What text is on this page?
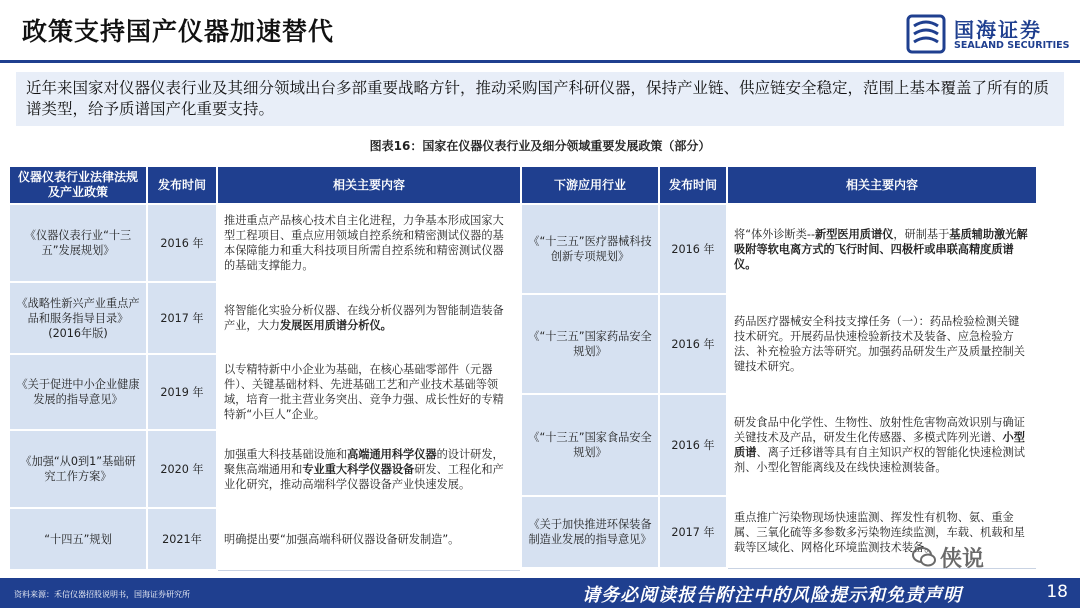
政策支持国产仪器加速替代	国海证券
SEALAND SECURITIES
近年来国家对仪器仪表行业及其细分领域出台多部重要战略方针，推动采购国产科研仪器，保持产业链、供应链安全稳定，范围上基本覆盖了所有的质谱类型，给予质谱国产化重要支持。
图表16：国家在仪器仪表行业及细分领域重要发展政策（部分）
仪器仪表行业法律法规及产业政策	发布时间	相关主要内容
《仪器仪表行业“十三五”发展规划》	2016 年	推进重点产品核心技术自主化进程，力争基本形成国家大型工程项目、重点应用领域自控系统和精密测试仪器的基本保障能力和重大科技项目所需自控系统和精密测试仪器的基础支撑能力。
《战略性新兴产业重点产品和服务指导目录》(2016年版)	2017 年	将智能化实验分析仪器、在线分析仪器列为智能制造装备产业，大力发展医用质谱分析仪。
《关于促进中小企业健康发展的指导意见》	2019 年	以专精特新中小企业为基础，在核心基础零部件（元器件）、关键基础材料、先进基础工艺和产业技术基础等领域，培育一批主营业务突出、竞争力强、成长性好的专精特新“小巨人”企业。
《加强“从0到1”基础研究工作方案》	2020 年	加强重大科技基础设施和高端通用科学仪器的设计研发，聚焦高端通用和专业重大科学仪器设备研发、工程化和产业化研究，推动高端科学仪器设备产业快速发展。
“十四五”规划	2021年	明确提出要“加强高端科研仪器设备研发制造”。
下游应用行业	发布时间	相关主要内容
《“十三五”医疗器械科技创新专项规划》	2016 年	将“体外诊断类--新型医用质谱仪，研制基于基质辅助激光解吸附等软电离方式的飞行时间、四极杆或串联高精度质谱仪。
《“十三五”国家药品安全规划》	2016 年	药品医疗器械安全科技支撑任务（一）：药品检验检测关键技术研究。开展药品快速检验新技术及装备、应急检验方法、补充检验方法等研究。加强药品研发生产及质量控制关键技术研究。
《“十三五”国家食品安全规划》	2016 年	研发食品中化学性、生物性、放射性危害物高效识别与确证关键技术及产品，研发生化传感器、多模式阵列光谱、小型质谱、离子迁移谱等具有自主知识产权的智能化快速检测试剂、小型化智能离线及在线快速检测装备。
《关于加快推进环保装备制造业发展的指导意见》	2017 年	重点推广污染物现场快速监测、挥发性有机物、氨、重金属、三氧化硫等多参数多污染物连续监测，车载、机载和星载等区域化、网格化环境监测技术装备。 侠说
资料来源：禾信仪器招股说明书，国海证券研究所	请务必阅读报告附注中的风险提示和免责声明	18
